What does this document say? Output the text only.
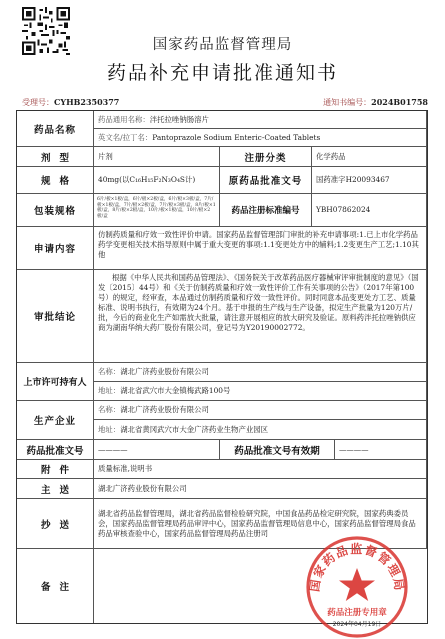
国家药品监督管理局
药品补充申请批准通知书
受理号：CYHB2350377	通知书编号：2024B01758
药品名称
药品通用名称：泮托拉唑钠肠溶片
英文名/拉丁名：Pantoprazole Sodium Enteric-Coated Tablets
剂型	片剂	注册分类	化学药品
规格	40mg(以C₁₆H₁₅F₂N₃O₄S计)	原药品批准文号	国药准字H20093467
包装规格
6片/板×1板/盒，6片/板×2板/盒，6片/板×3板/盒，7片/板×1板/盒，7片/板×2板/盒，7片/板×3板/盒，8片/板×1板/盒，8片/板×2板/盒，10片/板×1板/盒，10片/板×2板/盒	药品注册标准编号	YBH07862024
申请内容
仿制药质量和疗效一致性评价申请。国家药品监督管理部门审批的补充申请事项:1.已上市化学药品药学变更相关技术指导原则中属于重大变更的事项:1.1变更处方中的辅料;1.2变更生产工艺;1.10其他
审批结论
根据《中华人民共和国药品管理法》、《国务院关于改革药品医疗器械审评审批制度的意见》（国发〔2015〕44号）和《关于仿制药质量和疗效一致性评价工作有关事项的公告》（2017年第100号）的规定，经审查，本品通过仿制药质量和疗效一致性评价。同时同意本品变更处方工艺、质量标准、说明书执行，有效期为24个月。基于申报的生产线与生产设备，拟定生产批量为120万片/批，今后的商业化生产如需放大批量，请注意开展相应的放大研究及验证。原料药泮托拉唑钠供应商为湖南华纳大药厂股份有限公司，登记号为Y20190002772。
上市许可持有人
名称： 湖北广济药业股份有限公司
地址： 湖北省武穴市大金镇梅武路100号
生产企业
名称： 湖北广济药业股份有限公司
地址： 湖北省黄冈武穴市大金广济药业生物产业园区
药品批准文号	————	药品批准文号有效期	————
附件	质量标准,说明书
主送	湖北广济药业股份有限公司
抄送
湖北省药品监督管理局，湖北省药品监督检验研究院，中国食品药品检定研究院，国家药典委员会，国家药品监督管理局药品审评中心，国家药品监督管理局信息中心，国家药品监督管理局食品药品审核查验中心，国家药品监督管理局药品注册司
备注	国家药品监督管理局
药品注册专用章
2024年04月19日
